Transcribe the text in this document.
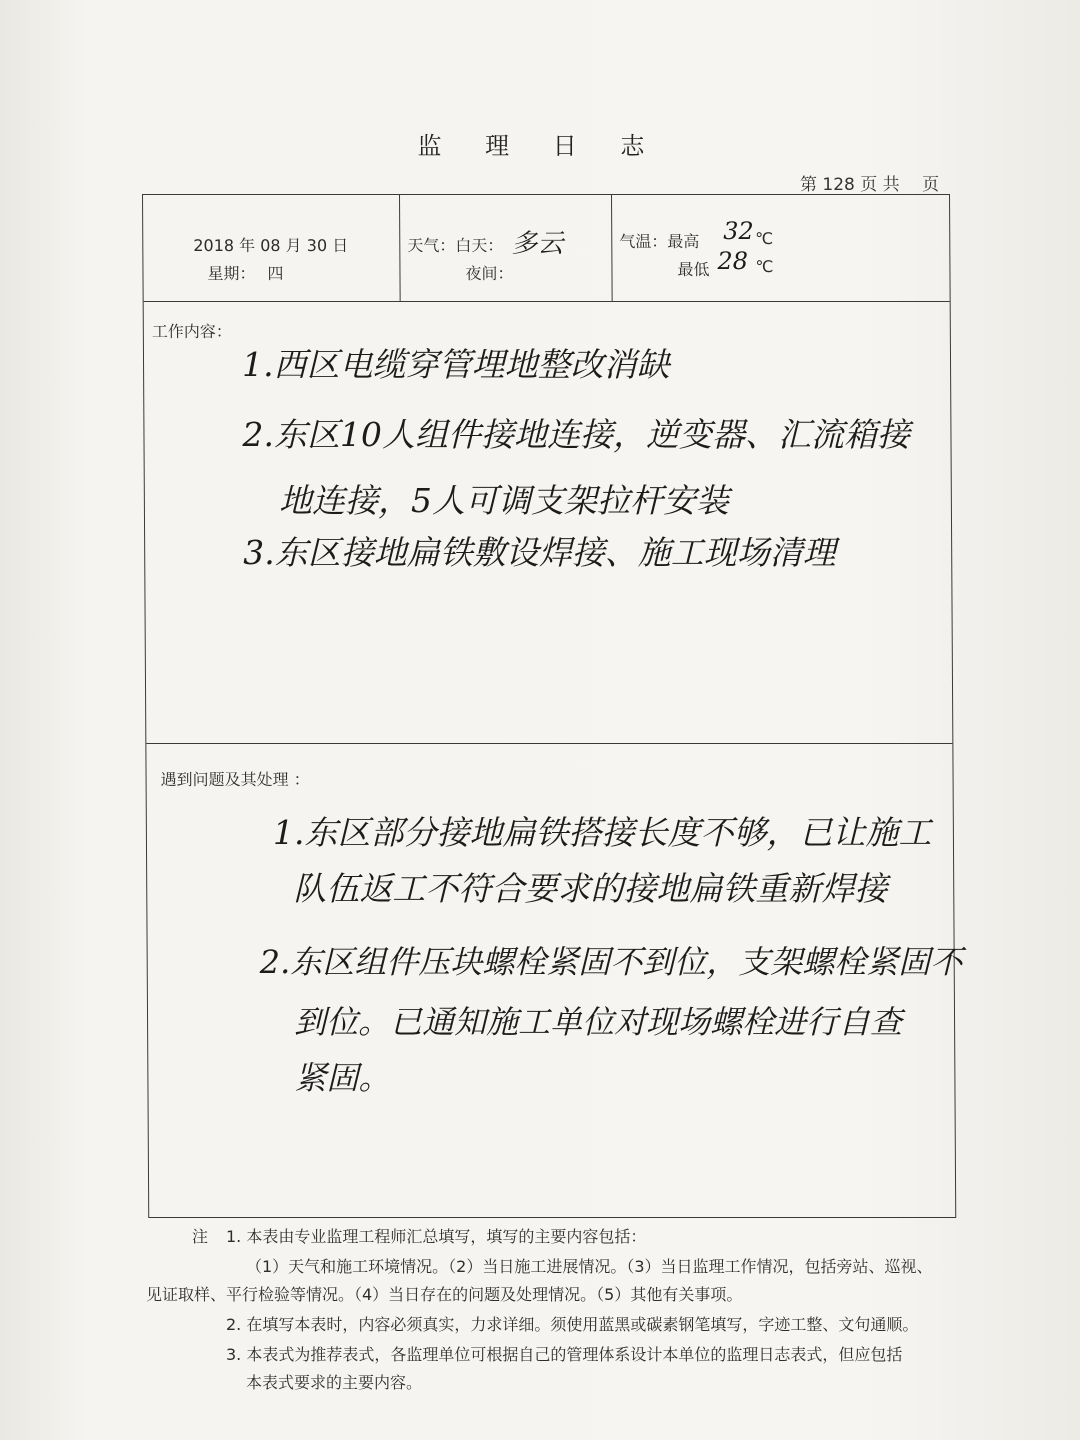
监 理 日 志
第 128 页 共　 页
2018 年 08 月 30 日
星期： 四
天气：白天： 多云
夜间：
气温：最高 32 ℃
最低 28 ℃
工作内容：
1.西区电缆穿管埋地整改消缺
2.东区10人组件接地连接，逆变器、汇流箱接
地连接，5人可调支架拉杆安装
3.东区接地扁铁敷设焊接、施工现场清理
遇到问题及其处理 ：
1.东区部分接地扁铁搭接长度不够，已让施工
队伍返工不符合要求的接地扁铁重新焊接
2.东区组件压块螺栓紧固不到位，支架螺栓紧固不
到位。已通知施工单位对现场螺栓进行自查
紧固。
注 1. 本表由专业监理工程师汇总填写，填写的主要内容包括：
（1）天气和施工环境情况。（2）当日施工进展情况。（3）当日监理工作情况，包括旁站、巡视、
见证取样、平行检验等情况。（4）当日存在的问题及处理情况。（5）其他有关事项。
2. 在填写本表时，内容必须真实，力求详细。须使用蓝黑或碳素钢笔填写，字迹工整、文句通顺。
3. 本表式为推荐表式，各监理单位可根据自己的管理体系设计本单位的监理日志表式，但应包括
本表式要求的主要内容。
